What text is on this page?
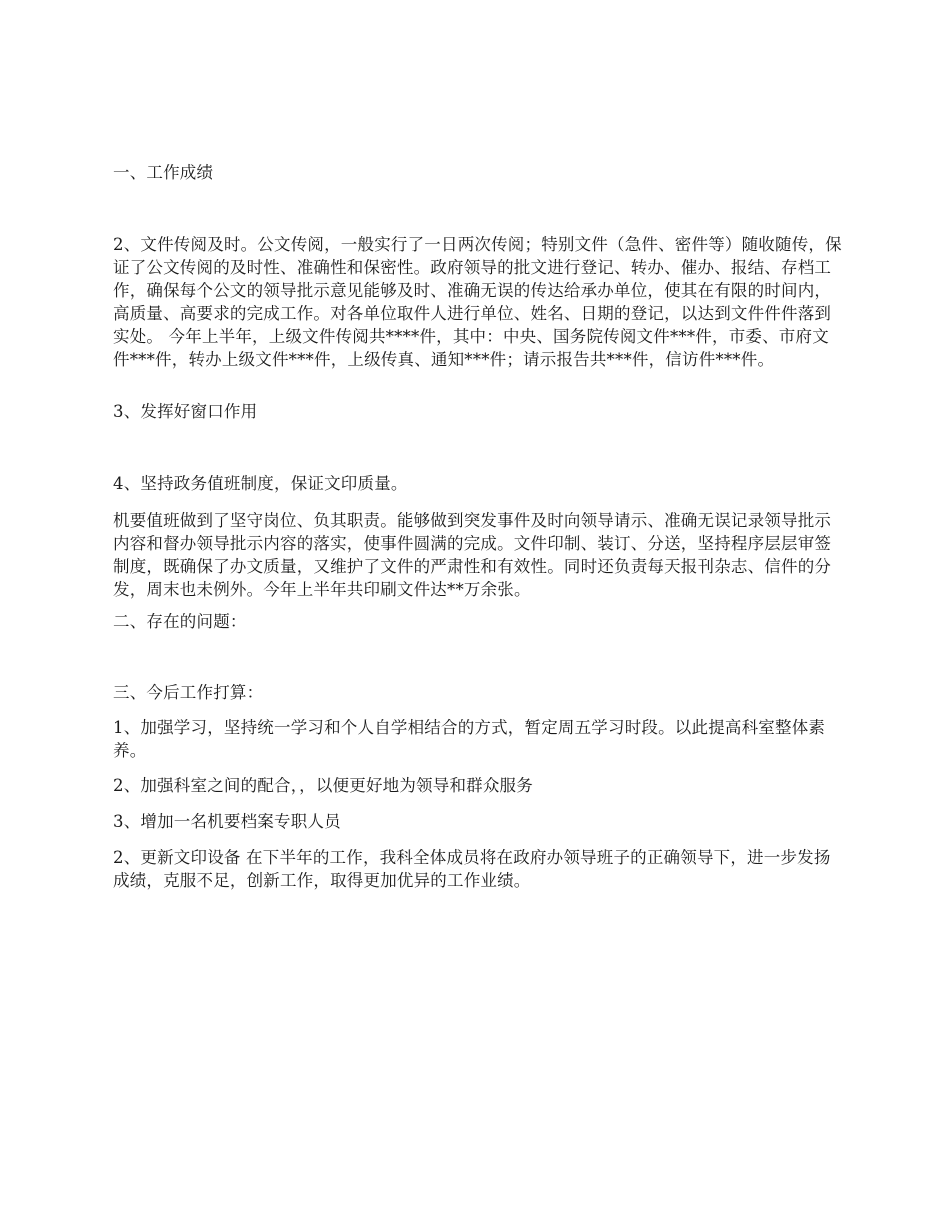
一、工作成绩

2、文件传阅及时。公文传阅，一般实行了一日两次传阅；特别文件（急件、密件等）随收随传，保证了公文传阅的及时性、准确性和保密性。政府领导的批文进行登记、转办、催办、报结、存档工作，确保每个公文的领导批示意见能够及时、准确无误的传达给承办单位，使其在有限的时间内，高质量、高要求的完成工作。对各单位取件人进行单位、姓名、日期的登记，以达到文件件件落到实处。 今年上半年，上级文件传阅共****件，其中：中央、国务院传阅文件***件，市委、市府文件***件，转办上级文件***件，上级传真、通知***件；请示报告共***件，信访件***件。

3、发挥好窗口作用

4、坚持政务值班制度，保证文印质量。

机要值班做到了坚守岗位、负其职责。能够做到突发事件及时向领导请示、准确无误记录领导批示内容和督办领导批示内容的落实，使事件圆满的完成。文件印制、装订、分送，坚持程序层层审签制度，既确保了办文质量，又维护了文件的严肃性和有效性。同时还负责每天报刊杂志、信件的分发，周末也未例外。今年上半年共印刷文件达**万余张。

二、存在的问题：

三、今后工作打算：

1、加强学习，坚持统一学习和个人自学相结合的方式，暂定周五学习时段。以此提高科室整体素养。

2、加强科室之间的配合，，以便更好地为领导和群众服务

3、增加一名机要档案专职人员

2、更新文印设备 在下半年的工作，我科全体成员将在政府办领导班子的正确领导下，进一步发扬成绩，克服不足，创新工作，取得更加优异的工作业绩。
